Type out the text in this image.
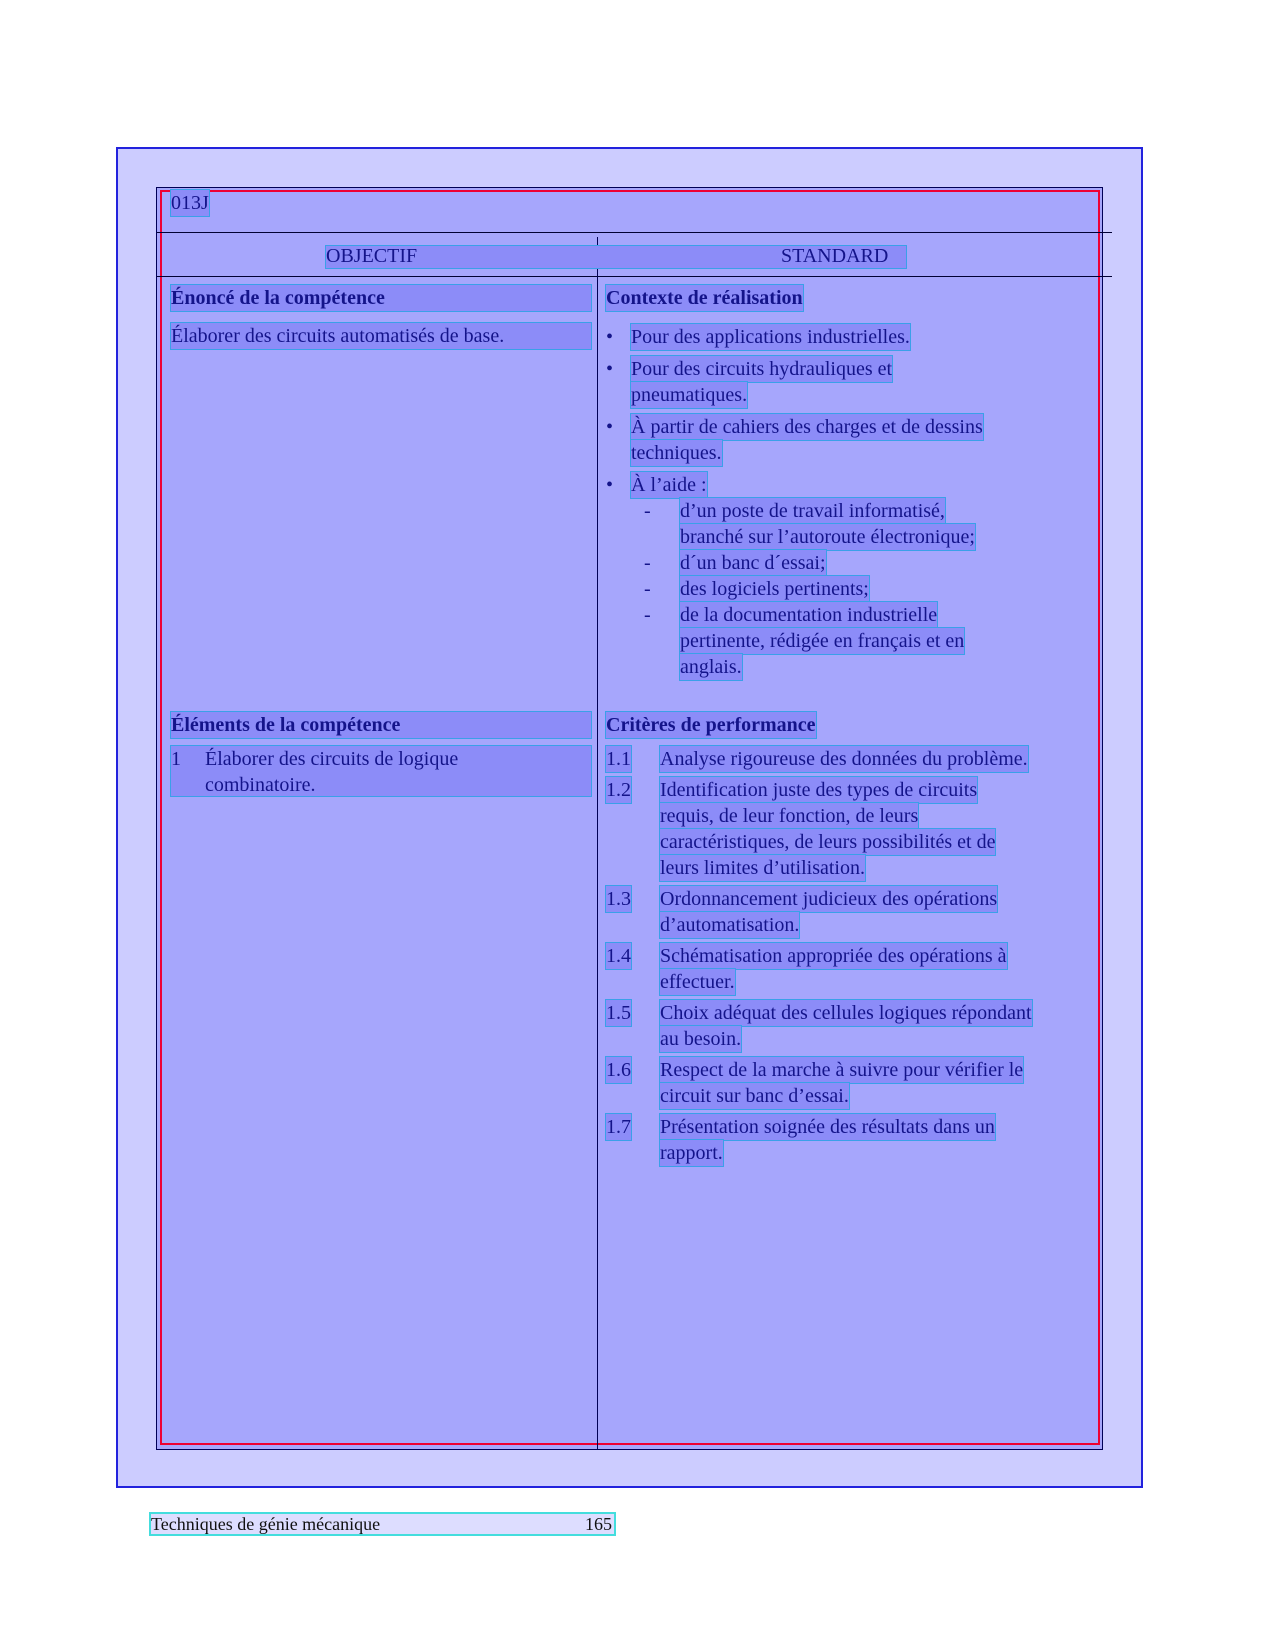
013J
OBJECTIF	STANDARD
Énoncé de la compétence
Élaborer des circuits automatisés de base.
Éléments de la compétence
1 Élaborer des circuits de logique
combinatoire.
Contexte de réalisation
• Pour des applications industrielles.
• Pour des circuits hydrauliques et
pneumatiques.
• À partir de cahiers des charges et de dessins
techniques.
• À l’aide :
- d’un poste de travail informatisé,
branché sur l’autoroute électronique;
- d´un banc d´essai;
- des logiciels pertinents;
- de la documentation industrielle
pertinente, rédigée en français et en
anglais.
Critères de performance
1.1 Analyse rigoureuse des données du problème.
1.2 Identification juste des types de circuits
requis, de leur fonction, de leurs
caractéristiques, de leurs possibilités et de
leurs limites d’utilisation.
1.3 Ordonnancement judicieux des opérations
d’automatisation.
1.4 Schématisation appropriée des opérations à
effectuer.
1.5 Choix adéquat des cellules logiques répondant
au besoin.
1.6 Respect de la marche à suivre pour vérifier le
circuit sur banc d’essai.
1.7 Présentation soignée des résultats dans un
rapport.
Techniques de génie mécanique	165
